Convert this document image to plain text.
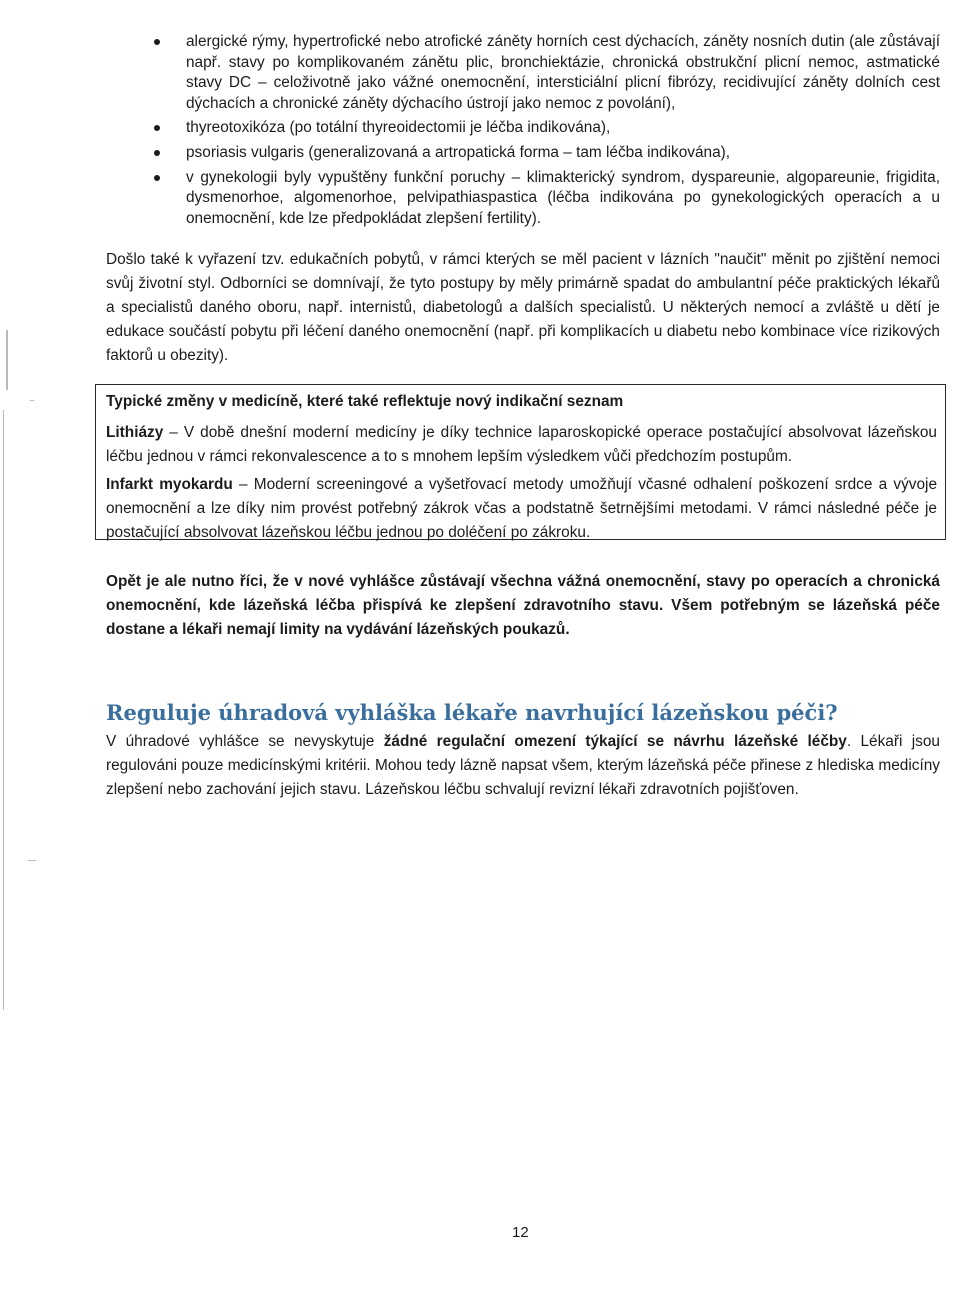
alergické rýmy, hypertrofické nebo atrofické záněty horních cest dýchacích, záněty nosních dutin (ale zůstávají např. stavy po komplikovaném zánětu plic, bronchiektázie, chronická obstrukční plicní nemoc, astmatické stavy DC – celoživotně jako vážné onemocnění, intersticiální plicní fibrózy, recidivující záněty dolních cest dýchacích a chronické záněty dýchacího ústrojí jako nemoc z povolání),
thyreotoxikóza (po totální thyreoidectomii je léčba indikována),
psoriasis vulgaris (generalizovaná a artropatická forma – tam léčba indikována),
v gynekologii byly vypuštěny funkční poruchy – klimakterický syndrom, dyspareunie, algopareunie, frigidita, dysmenorhoe, algomenorhoe, pelvipathiaspastica (léčba indikována po gynekologických operacích a u onemocnění, kde lze předpokládat zlepšení fertility).

Došlo také k vyřazení tzv. edukačních pobytů, v rámci kterých se měl pacient v lázních "naučit" měnit po zjištění nemoci svůj životní styl. Odborníci se domnívají, že tyto postupy by měly primárně spadat do ambulantní péče praktických lékařů a specialistů daného oboru, např. internistů, diabetologů a dalších specialistů. U některých nemocí a zvláště u dětí je edukace součástí pobytu při léčení daného onemocnění (např. při komplikacích u diabetu nebo kombinace více rizikových faktorů u obezity).

Typické změny v medicíně, které také reflektuje nový indikační seznam

Lithiázy – V době dnešní moderní medicíny je díky technice laparoskopické operace postačující absolvovat lázeňskou léčbu jednou v rámci rekonvalescence a to s mnohem lepším výsledkem vůči předchozím postupům.

Infarkt myokardu – Moderní screeningové a vyšetřovací metody umožňují včasné odhalení poškození srdce a vývoje onemocnění a lze díky nim provést potřebný zákrok včas a podstatně šetrnějšími metodami. V rámci následné péče je postačující absolvovat lázeňskou léčbu jednou po doléčení po zákroku.

Opět je ale nutno říci, že v nové vyhlášce zůstávají všechna vážná onemocnění, stavy po operacích a chronická onemocnění, kde lázeňská léčba přispívá ke zlepšení zdravotního stavu. Všem potřebným se lázeňská péče dostane a lékaři nemají limity na vydávání lázeňských poukazů.

Reguluje úhradová vyhláška lékaře navrhující lázeňskou péči?

V úhradové vyhlášce se nevyskytuje žádné regulační omezení týkající se návrhu lázeňské léčby. Lékaři jsou regulováni pouze medicínskými kritérii. Mohou tedy lázně napsat všem, kterým lázeňská péče přinese z hlediska medicíny zlepšení nebo zachování jejich stavu. Lázeňskou léčbu schvalují revizní lékaři zdravotních pojišťoven.

12
